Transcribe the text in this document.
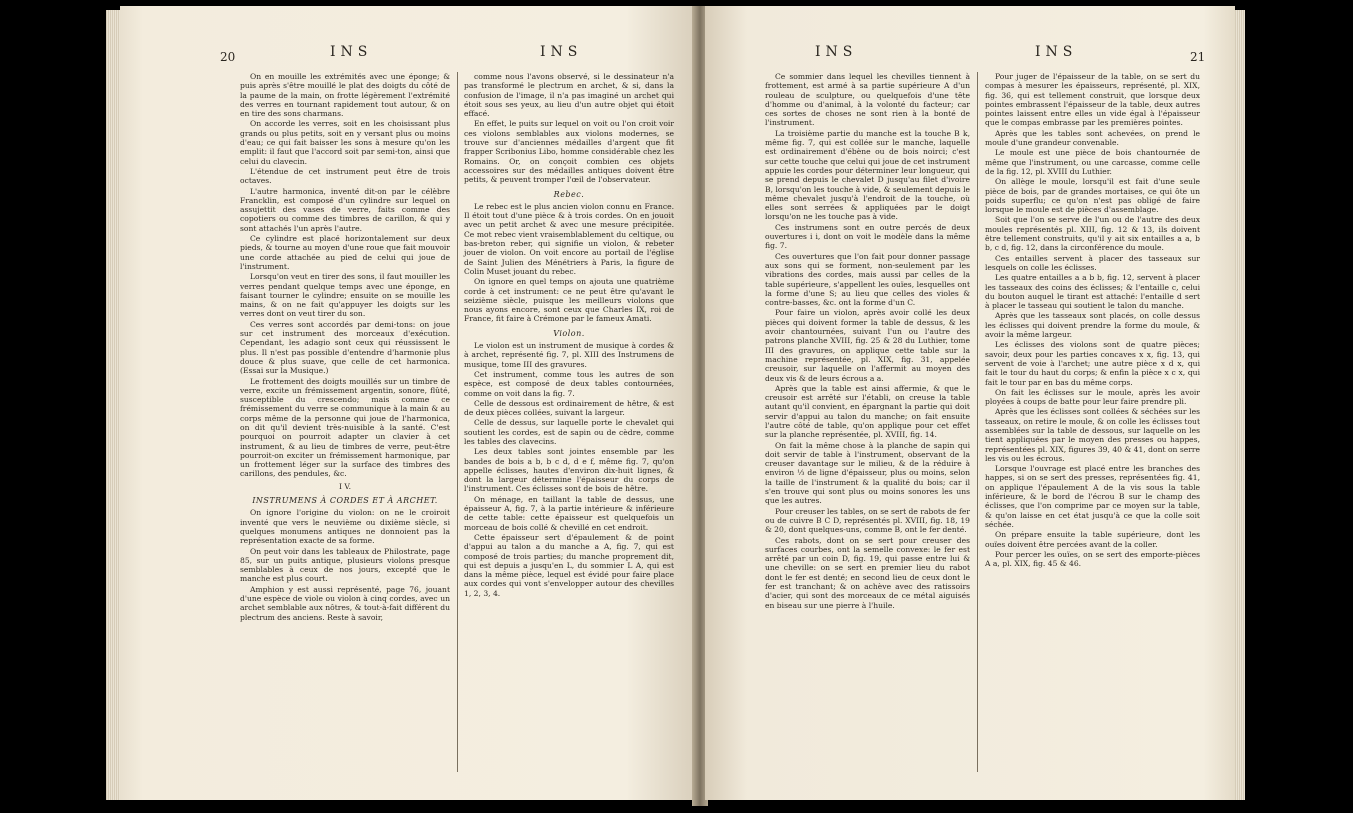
20	INS	INS

On en mouille les extrémités avec une éponge; & puis après s'être mouillé le plat des doigts du côté de la paume de la main, on frotte légèrement l'extrémité des verres en tournant rapidement tout autour, & on en tire des sons charmans.

On accorde les verres, soit en les choisissant plus grands ou plus petits, soit en y versant plus ou moins d'eau; ce qui fait baisser les sons à mesure qu'on les emplit: il faut que l'accord soit par semi-ton, ainsi que celui du clavecin.

L'étendue de cet instrument peut être de trois octaves.

L'autre harmonica, inventé dit-on par le célèbre Francklin, est composé d'un cylindre sur lequel on assujettit des vases de verre, faits comme des copotiers ou comme des timbres de carillon, & qui y sont attachés l'un après l'autre.

Ce cylindre est placé horizontalement sur deux pieds, & tourne au moyen d'une roue que fait mouvoir une corde attachée au pied de celui qui joue de l'instrument.

Lorsqu'on veut en tirer des sons, il faut mouiller les verres pendant quelque temps avec une éponge, en faisant tourner le cylindre; ensuite on se mouille les mains, & on ne fait qu'appuyer les doigts sur les verres dont on veut tirer du son.

Ces verres sont accordés par demi-tons: on joue sur cet instrument des morceaux d'exécution. Cependant, les adagio sont ceux qui réussissent le plus. Il n'est pas possible d'entendre d'harmonie plus douce & plus suave, que celle de cet harmonica. (Essai sur la Musique.)

Le frottement des doigts mouillés sur un timbre de verre, excite un frémissement argentin, sonore, flûté, susceptible du crescendo; mais comme ce frémissement du verre se communique à la main & au corps même de la personne qui joue de l'harmonica, on dit qu'il devient très-nuisible à la santé. C'est pourquoi on pourroit adapter un clavier à cet instrument, & au lieu de timbres de verre, peut-être pourroit-on exciter un frémissement harmonique, par un frottement léger sur la surface des timbres des carillons, des pendules, &c.

I V.

INSTRUMENS À CORDES ET À ARCHET.

On ignore l'origine du violon: on ne le croiroit inventé que vers le neuvième ou dixième siècle, si quelques monumens antiques ne donnoient pas la représentation exacte de sa forme.

On peut voir dans les tableaux de Philostrate, page 85, sur un puits antique, plusieurs violons presque semblables à ceux de nos jours, excepté que le manche est plus court.

Amphion y est aussi représenté, page 76, jouant d'une espèce de viole ou violon à cinq cordes, avec un archet semblable aux nôtres, & tout-à-fait différent du plectrum des anciens. Reste à savoir,

comme nous l'avons observé, si le dessinateur n'a pas transformé le plectrum en archet, & si, dans la confusion de l'image, il n'a pas imaginé un archet qui étoit sous ses yeux, au lieu d'un autre objet qui étoit effacé.

En effet, le puits sur lequel on voit ou l'on croit voir ces violons semblables aux violons modernes, se trouve sur d'anciennes médailles d'argent que fit frapper Scribonius Libo, homme considérable chez les Romains. Or, on conçoit combien ces objets accessoires sur des médailles antiques doivent être petits, & peuvent tromper l'œil de l'observateur.

Rebec.

Le rebec est le plus ancien violon connu en France. Il étoit tout d'une pièce & à trois cordes. On en jouoit avec un petit archet & avec une mesure précipitée. Ce mot rebec vient vraisemblablement du celtique, ou bas-breton reber, qui signifie un violon, & rebeter jouer de violon. On voit encore au portail de l'église de Saint Julien des Ménétriers à Paris, la figure de Colin Muset jouant du rebec.

On ignore en quel temps on ajouta une quatrième corde à cet instrument: ce ne peut être qu'avant le seizième siècle, puisque les meilleurs violons que nous ayons encore, sont ceux que Charles IX, roi de France, fit faire à Crémone par le fameux Amati.

Violon.

Le violon est un instrument de musique à cordes & à archet, représenté fig. 7, pl. XIII des Instrumens de musique, tome III des gravures.

Cet instrument, comme tous les autres de son espèce, est composé de deux tables contournées, comme on voit dans la fig. 7.

Celle de dessous est ordinairement de hêtre, & est de deux pièces collées, suivant la largeur.

Celle de dessus, sur laquelle porte le chevalet qui soutient les cordes, est de sapin ou de cèdre, comme les tables des clavecins.

Les deux tables sont jointes ensemble par les bandes de bois a b, b c d, d e f, même fig. 7, qu'on appelle éclisses, hautes d'environ dix-huit lignes, & dont la largeur détermine l'épaisseur du corps de l'instrument. Ces éclisses sont de bois de hêtre.

On ménage, en taillant la table de dessus, une épaisseur A, fig. 7, à la partie intérieure & inférieure de cette table: cette épaisseur est quelquefois un morceau de bois collé & chevillé en cet endroit.

Cette épaisseur sert d'épaulement & de point d'appui au talon a du manche a A, fig. 7, qui est composé de trois parties; du manche proprement dit, qui est depuis a jusqu'en L, du sommier L A, qui est dans la même pièce, lequel est évidé pour faire place aux cordes qui vont s'envelopper autour des chevilles 1, 2, 3, 4.

INS	INS	21

Ce sommier dans lequel les chevilles tiennent à frottement, est armé à sa partie supérieure A d'un rouleau de sculpture, ou quelquefois d'une tête d'homme ou d'animal, à la volonté du facteur; car ces sortes de choses ne sont rien à la bonté de l'instrument.

La troisième partie du manche est la touche B k, même fig. 7, qui est collée sur le manche, laquelle est ordinairement d'ébène ou de bois noirci; c'est sur cette touche que celui qui joue de cet instrument appuie les cordes pour déterminer leur longueur, qui se prend depuis le chevalet D jusqu'au filet d'ivoire B, lorsqu'on les touche à vide, & seulement depuis le même chevalet jusqu'à l'endroit de la touche, où elles sont serrées & appliquées par le doigt lorsqu'on ne les touche pas à vide.

Ces instrumens sont en outre percés de deux ouvertures i i, dont on voit le modèle dans la même fig. 7.

Ces ouvertures que l'on fait pour donner passage aux sons qui se forment, non-seulement par les vibrations des cordes, mais aussi par celles de la table supérieure, s'appellent les ouïes, lesquelles ont la forme d'une S; au lieu que celles des violes & contre-basses, &c. ont la forme d'un C.

Pour faire un violon, après avoir collé les deux pièces qui doivent former la table de dessus, & les avoir chantournées, suivant l'un ou l'autre des patrons planche XVIII, fig. 25 & 28 du Luthier, tome III des gravures, on applique cette table sur la machine représentée, pl. XIX, fig. 31, appelée creusoir, sur laquelle on l'affermit au moyen des deux vis & de leurs écrous a a.

Après que la table est ainsi affermie, & que le creusoir est arrêté sur l'établi, on creuse la table autant qu'il convient, en épargnant la partie qui doit servir d'appui au talon du manche; on fait ensuite l'autre côté de table, qu'on applique pour cet effet sur la planche représentée, pl. XVIII, fig. 14.

On fait la même chose à la planche de sapin qui doit servir de table à l'instrument, observant de la creuser davantage sur le milieu, & de la réduire à environ ⅓ de ligne d'épaisseur, plus ou moins, selon la taille de l'instrument & la qualité du bois; car il s'en trouve qui sont plus ou moins sonores les uns que les autres.

Pour creuser les tables, on se sert de rabots de fer ou de cuivre B C D, représentés pl. XVIII, fig. 18, 19 & 20, dont quelques-uns, comme B, ont le fer denté.

Ces rabots, dont on se sert pour creuser des surfaces courbes, ont la semelle convexe: le fer est arrêté par un coin D, fig. 19, qui passe entre lui & une cheville: on se sert en premier lieu du rabot dont le fer est denté; en second lieu de ceux dont le fer est tranchant; & on achève avec des ratissoirs d'acier, qui sont des morceaux de ce métal aiguisés en biseau sur une pierre à l'huile.

Pour juger de l'épaisseur de la table, on se sert du compas à mesurer les épaisseurs, représenté, pl. XIX, fig. 36, qui est tellement construit, que lorsque deux pointes embrassent l'épaisseur de la table, deux autres pointes laissent entre elles un vide égal à l'épaisseur que le compas embrasse par les premières pointes.

Après que les tables sont achevées, on prend le moule d'une grandeur convenable.

Le moule est une pièce de bois chantournée de même que l'instrument, ou une carcasse, comme celle de la fig. 12, pl. XVIII du Luthier.

On allège le moule, lorsqu'il est fait d'une seule pièce de bois, par de grandes mortaises, ce qui ôte un poids superflu; ce qu'on n'est pas obligé de faire lorsque le moule est de pièces d'assemblage.

Soit que l'on se serve de l'un ou de l'autre des deux moules représentés pl. XIII, fig. 12 & 13, ils doivent être tellement construits, qu'il y ait six entailles a a, b b, c d, fig. 12, dans la circonférence du moule.

Ces entailles servent à placer des tasseaux sur lesquels on colle les éclisses.

Les quatre entailles a a b b, fig. 12, servent à placer les tasseaux des coins des éclisses; & l'entaille c, celui du bouton auquel le tirant est attaché: l'entaille d sert à placer le tasseau qui soutient le talon du manche.

Après que les tasseaux sont placés, on colle dessus les éclisses qui doivent prendre la forme du moule, & avoir la même largeur.

Les éclisses des violons sont de quatre pièces; savoir, deux pour les parties concaves x x, fig. 13, qui servent de voie à l'archet; une autre pièce x d x, qui fait le tour du haut du corps; & enfin la pièce x c x, qui fait le tour par en bas du même corps.

On fait les éclisses sur le moule, après les avoir ployées à coups de batte pour leur faire prendre pli.

Après que les éclisses sont collées & séchées sur les tasseaux, on retire le moule, & on colle les éclisses tout assemblées sur la table de dessous, sur laquelle on les tient appliquées par le moyen des presses ou happes, représentées pl. XIX, figures 39, 40 & 41, dont on serre les vis ou les écrous.

Lorsque l'ouvrage est placé entre les branches des happes, si on se sert des presses, représentées fig. 41, on applique l'épaulement A de la vis sous la table inférieure, & le bord de l'écrou B sur le champ des éclisses, que l'on comprime par ce moyen sur la table, & qu'on laisse en cet état jusqu'à ce que la colle soit séchée.

On prépare ensuite la table supérieure, dont les ouïes doivent être percées avant de la coller.

Pour percer les ouïes, on se sert des emporte-pièces A a, pl. XIX, fig. 45 & 46.
